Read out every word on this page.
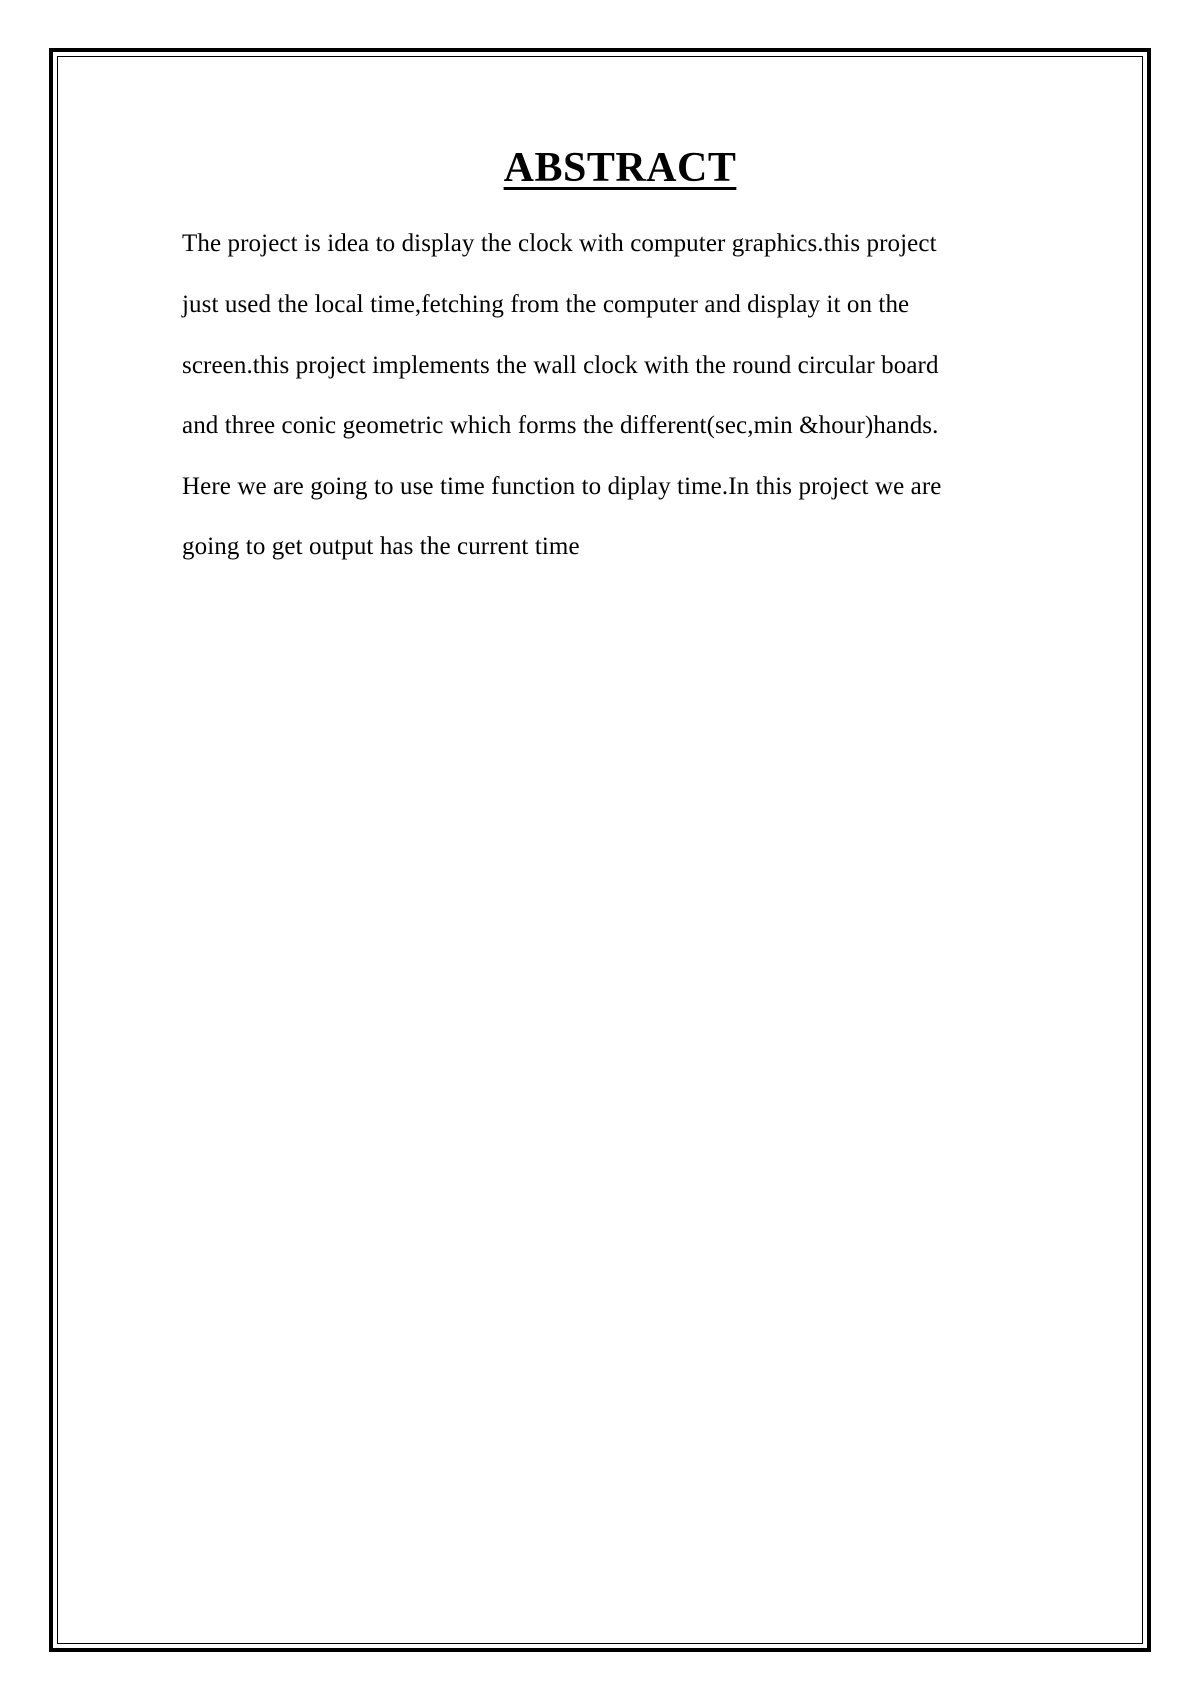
ABSTRACT
The project is idea to display the clock with computer graphics.this project
just used the local time,fetching from the computer and display it on the
screen.this project implements the wall clock with the round circular board
and three conic geometric which forms the different(sec,min &hour)hands.
Here we are going to use time function to diplay time.In this project we are
going to get output has the current time
